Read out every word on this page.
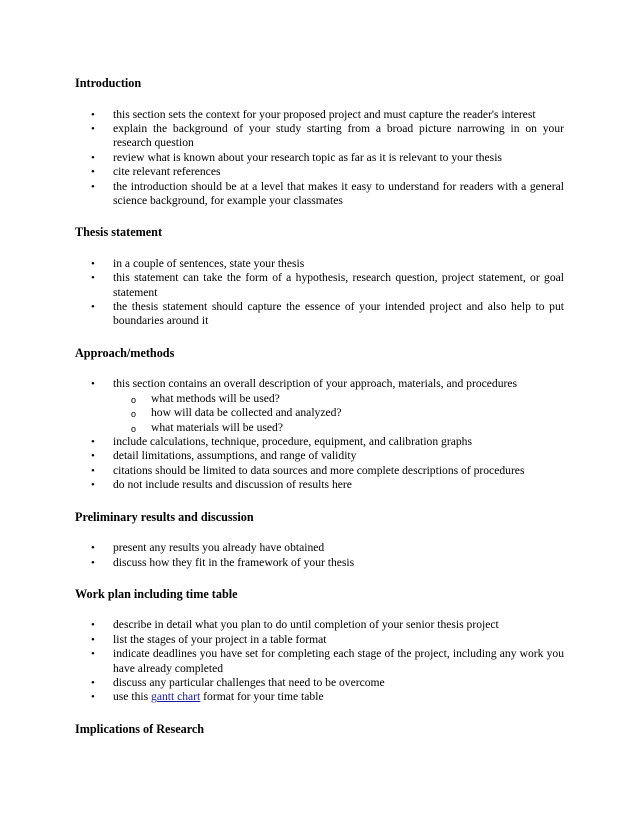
Introduction
• this section sets the context for your proposed project and must capture the reader's interest
• explain the background of your study starting from a broad picture narrowing in on your research question
• review what is known about your research topic as far as it is relevant to your thesis
• cite relevant references
• the introduction should be at a level that makes it easy to understand for readers with a general science background, for example your classmates
Thesis statement
• in a couple of sentences, state your thesis
• this statement can take the form of a hypothesis, research question, project statement, or goal statement
• the thesis statement should capture the essence of your intended project and also help to put boundaries around it
Approach/methods
• this section contains an overall description of your approach, materials, and procedures
o what methods will be used?
o how will data be collected and analyzed?
o what materials will be used?
• include calculations, technique, procedure, equipment, and calibration graphs
• detail limitations, assumptions, and range of validity
• citations should be limited to data sources and more complete descriptions of procedures
• do not include results and discussion of results here
Preliminary results and discussion
• present any results you already have obtained
• discuss how they fit in the framework of your thesis
Work plan including time table
• describe in detail what you plan to do until completion of your senior thesis project
• list the stages of your project in a table format
• indicate deadlines you have set for completing each stage of the project, including any work you have already completed
• discuss any particular challenges that need to be overcome
• use this gantt chart format for your time table
Implications of Research
